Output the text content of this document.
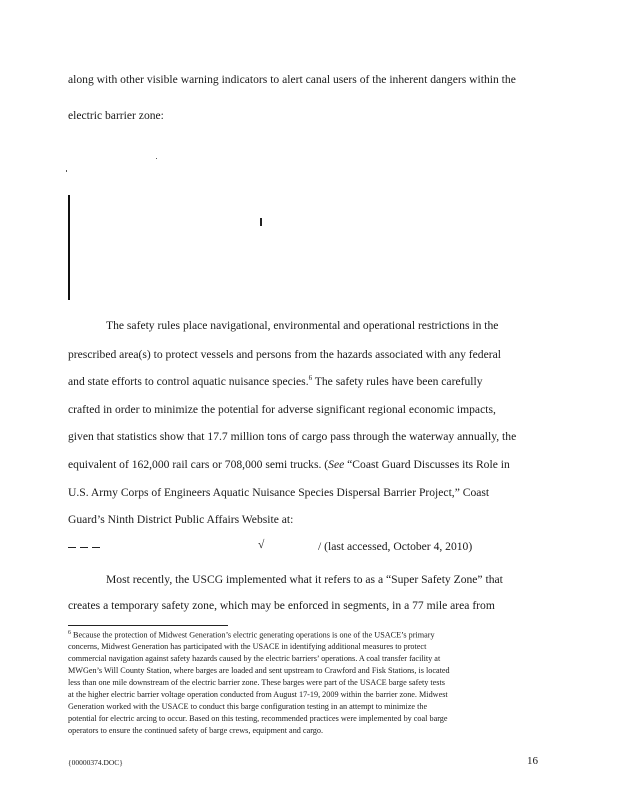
along with other visible warning indicators to alert canal users of the inherent dangers within the
electric barrier zone:
The safety rules place navigational, environmental and operational restrictions in the
prescribed area(s) to protect vessels and persons from the hazards associated with any federal
and state efforts to control aquatic nuisance species.$^6$ The safety rules have been carefully
crafted in order to minimize the potential for adverse significant regional economic impacts,
given that statistics show that 17.7 million tons of cargo pass through the waterway annually, the
equivalent of 162,000 rail cars or 708,000 semi trucks. (See “Coast Guard Discusses its Role in
U.S. Army Corps of Engineers Aquatic Nuisance Species Dispersal Barrier Project,” Coast
Guard’s Ninth District Public Affairs Website at:
√	/ (last accessed, October 4, 2010)
Most recently, the USCG implemented what it refers to as a “Super Safety Zone” that
creates a temporary safety zone, which may be enforced in segments, in a 77 mile area from
$^6$ Because the protection of Midwest Generation’s electric generating operations is one of the USACE’s primary
concerns, Midwest Generation has participated with the USACE in identifying additional measures to protect
commercial navigation against safety hazards caused by the electric barriers’ operations. A coal transfer facility at
MWGen’s Will County Station, where barges are loaded and sent upstream to Crawford and Fisk Stations, is located
less than one mile downstream of the electric barrier zone. These barges were part of the USACE barge safety tests
at the higher electric barrier voltage operation conducted from August 17-19, 2009 within the barrier zone. Midwest
Generation worked with the USACE to conduct this barge configuration testing in an attempt to minimize the
potential for electric arcing to occur. Based on this testing, recommended practices were implemented by coal barge
operators to ensure the continued safety of barge crews, equipment and cargo.
{00000374.DOC}	16
